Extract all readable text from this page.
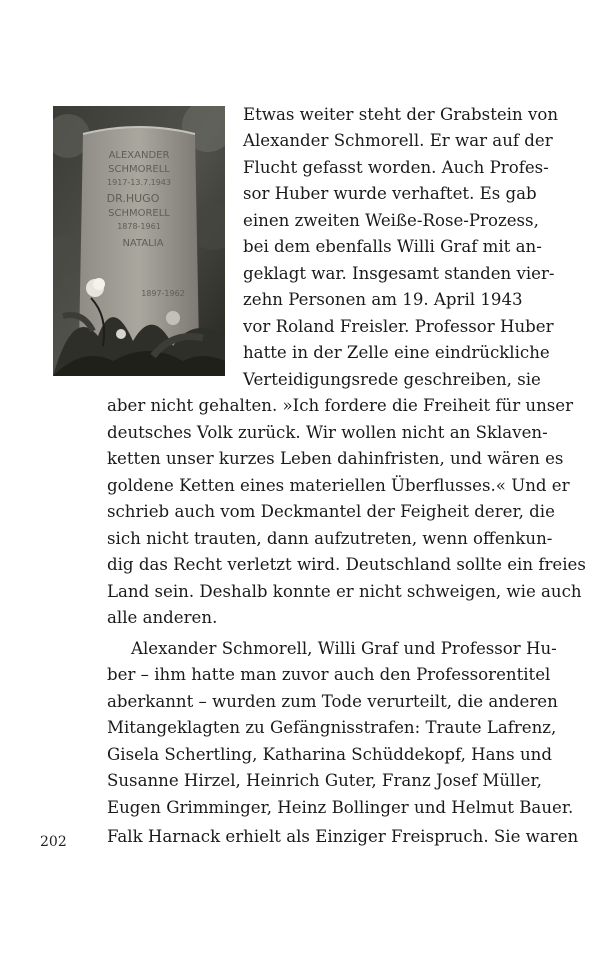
ALEXANDER
SCHMORELL
1917-13.7.1943
DR.HUGO
SCHMORELL
1878-1961
NATALIA
1897-1962
Etwas weiter steht der Grabstein von
Alexander Schmorell. Er war auf der
Flucht gefasst worden. Auch Profes-
sor Huber wurde verhaftet. Es gab
einen zweiten Weiße-Rose-Prozess,
bei dem ebenfalls Willi Graf mit an-
geklagt war. Insgesamt standen vier-
zehn Personen am 19. April 1943
vor Roland Freisler. Professor Huber
hatte in der Zelle eine eindrückliche
Verteidigungsrede geschreiben, sie
aber nicht gehalten. »Ich fordere die Freiheit für unser
deutsches Volk zurück. Wir wollen nicht an Sklaven-
ketten unser kurzes Leben dahinfristen, und wären es
goldene Ketten eines materiellen Überflusses.« Und er
schrieb auch vom Deckmantel der Feigheit derer, die
sich nicht trauten, dann aufzutreten, wenn offenkun-
dig das Recht verletzt wird. Deutschland sollte ein freies
Land sein. Deshalb konnte er nicht schweigen, wie auch
alle anderen.
Alexander Schmorell, Willi Graf und Professor Hu-
ber – ihm hatte man zuvor auch den Professorentitel
aberkannt – wurden zum Tode verurteilt, die anderen
Mitangeklagten zu Gefängnisstrafen: Traute Lafrenz,
Gisela Schertling, Katharina Schüddekopf, Hans und
Susanne Hirzel, Heinrich Guter, Franz Josef Müller,
Eugen Grimminger, Heinz Bollinger und Helmut Bauer.
Falk Harnack erhielt als Einziger Freispruch. Sie waren
202
